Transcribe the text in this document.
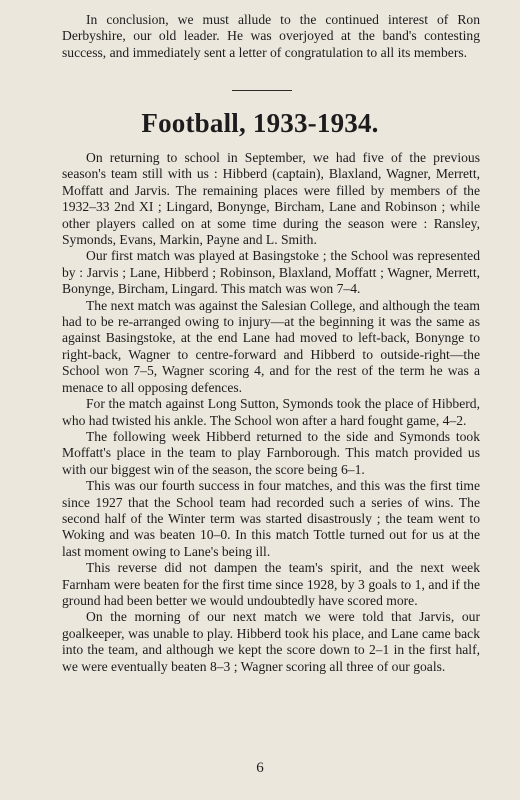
In conclusion, we must allude to the continued interest of Ron Derbyshire, our old leader. He was overjoyed at the band's contesting success, and immediately sent a letter of congratulation to all its members.

Football, 1933-1934.

On returning to school in September, we had five of the previous season's team still with us : Hibberd (captain), Blaxland, Wagner, Merrett, Moffatt and Jarvis. The remaining places were filled by members of the 1932–33 2nd XI ; Lingard, Bonynge, Bircham, Lane and Robinson ; while other players called on at some time during the season were : Ransley, Symonds, Evans, Markin, Payne and L. Smith.

Our first match was played at Basingstoke ; the School was represented by : Jarvis ; Lane, Hibberd ; Robinson, Blaxland, Moffatt ; Wagner, Merrett, Bonynge, Bircham, Lingard. This match was won 7–4.

The next match was against the Salesian College, and although the team had to be re-arranged owing to injury—at the beginning it was the same as against Basingstoke, at the end Lane had moved to left-back, Bonynge to right-back, Wagner to centre-forward and Hibberd to outside-right—the School won 7–5, Wagner scoring 4, and for the rest of the term he was a menace to all opposing defences.

For the match against Long Sutton, Symonds took the place of Hibberd, who had twisted his ankle. The School won after a hard fought game, 4–2.

The following week Hibberd returned to the side and Symonds took Moffatt's place in the team to play Farnborough. This match provided us with our biggest win of the season, the score being 6–1.

This was our fourth success in four matches, and this was the first time since 1927 that the School team had recorded such a series of wins. The second half of the Winter term was started disastrously ; the team went to Woking and was beaten 10–0. In this match Tottle turned out for us at the last moment owing to Lane's being ill.

This reverse did not dampen the team's spirit, and the next week Farnham were beaten for the first time since 1928, by 3 goals to 1, and if the ground had been better we would undoubtedly have scored more.

On the morning of our next match we were told that Jarvis, our goalkeeper, was unable to play. Hibberd took his place, and Lane came back into the team, and although we kept the score down to 2–1 in the first half, we were eventually beaten 8–3 ; Wagner scoring all three of our goals.

6
